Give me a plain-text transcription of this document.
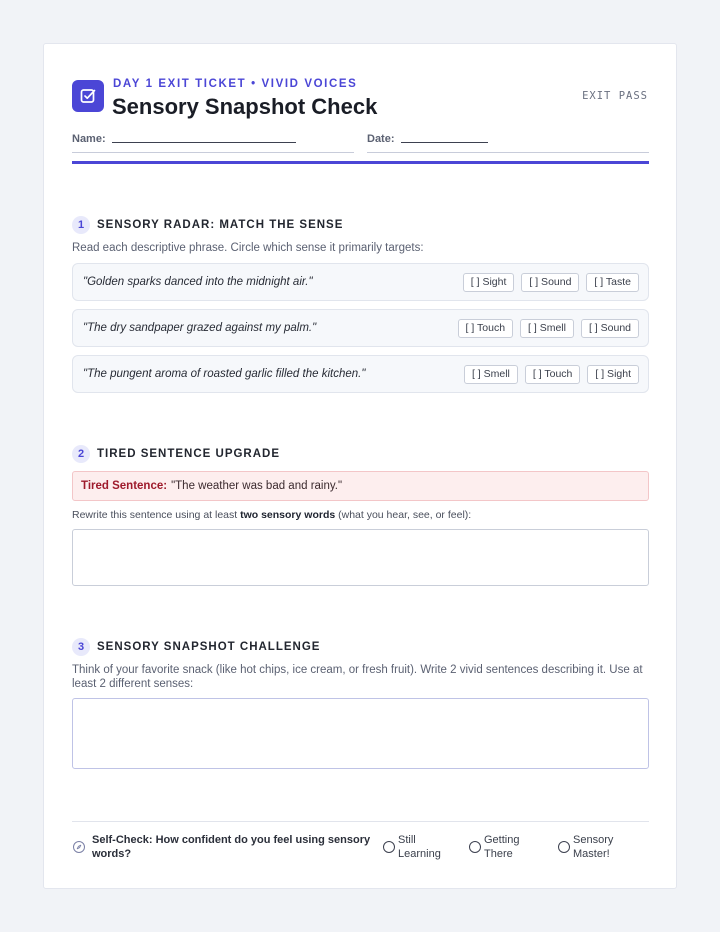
DAY 1 EXIT TICKET • VIVID VOICES
Sensory Snapshot Check	EXIT PASS
Name:	Date:
1	SENSORY RADAR: MATCH THE SENSE
Read each descriptive phrase. Circle which sense it primarily targets:
"Golden sparks danced into the midnight air."	[ ] Sight	[ ] Sound	[ ] Taste
"The dry sandpaper grazed against my palm."	[ ] Touch	[ ] Smell	[ ] Sound
"The pungent aroma of roasted garlic filled the kitchen."	[ ] Smell	[ ] Touch	[ ] Sight
2	TIRED SENTENCE UPGRADE
Tired Sentence: "The weather was bad and rainy."
Rewrite this sentence using at least two sensory words (what you hear, see, or feel):
3	SENSORY SNAPSHOT CHALLENGE
Think of your favorite snack (like hot chips, ice cream, or fresh fruit). Write 2 vivid sentences describing it. Use at least 2 different senses:
Self-Check: How confident do you feel using sensory words?
Still Learning
Getting There
Sensory Master!
